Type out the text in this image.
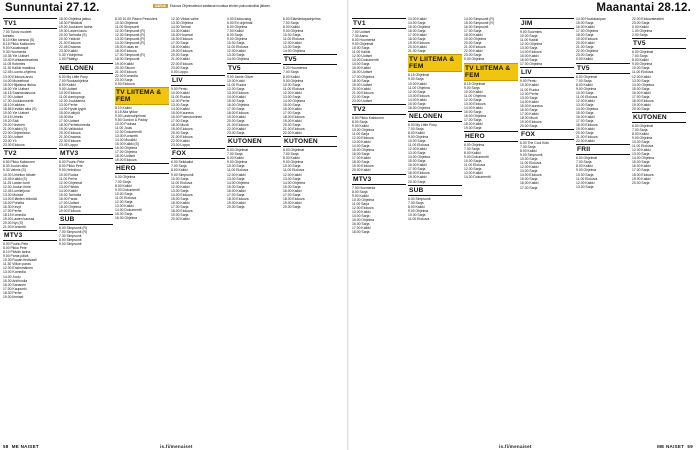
Sunnuntai 27.12.	SARJA Elokuva Ohjelmatiedot saattavat muuttua lehden painovalmiiksi jälkeen.
TV1
7.00 Tulosi nuoleet
kohtalo
8.10 Kitin kanssa (S)
8.15 Pikku Kakkonen
9.00 Kauaisnapit
9.30 Huomenta
10.35 Yle Uutiset
10.40 Kohtaamisvalmis
11.05 Kotimies
11.30 Kaikki maailma
12.45 Luonto-ohjelma
13.00 Elokuva-arvio
14.00 Muistelmat
15.00 Hiljaisina iltoina
16.00 Yle Uutiset
16.15 Saaristolaisuus
17.00 Uutiset
17.30 Joulukonsertti
18.10 Kaikkea
18.55 Kevään aika (S)
19.00 Yle Uutiset
19.15 Urheilu
19.20 Sää
20.00 Hirvinen
21.00 Kaikki (S)
22.00 Ohjelmiston
22.30 Uutiset
23.00 Yö
23.30 Elokuva
TV2
6.50 Pikku Kakkonen
8.30 Joulun aika
9.30 Valmis (S)
10.00 Urheilun tähdet
10.45 Kaikki (S)
11.25 Lasten tunti
12.00 Joulun ihme
12.45 Lumileijona
13.30 Muistot
14.00 Eläinten elämää
15.00 Puhetta
16.30 Kevyt
17.00 Perhe
18.15 Komedia
19.00 Lasten kanssa
20.00 Nyt (S)
21.00 Konsertti
MTV3
6.00 Puuhu Pete
8.00 Pikku Pete
8.10 Päivän tarina
9.00 Paras päivä
10.30 Ruuan festivaali
11.30 Viikon paras
12.00 Ensimmäinen
13.00 Komedia
14.00 Joulu
15.30 Arkihuolia
16.00 Sananen
17.00 Kaupunki
18.30 Perhe
19.00 Ihmiset
18.00 Ohjelma jatkuu
18.30 Päiväkoti
19.00 Jouluinen tarina
19.30 Lasten laulu
20.00 Tarinoita (S)
20.30 Ystävät
21.00 Elokuva
22.45 Draama
23.30 Kaikki
0.30 Yöohjelma
1.00 Päättyy
NELONEN
6.00 My Little Pony
7.00 Ruokaohjelma
8.00 Kaikki
9.00 Uutiset
10.00 Elokuva
11.00 Aamuprogr.
12.00 Joulutarina
13.00 Perhe
14.00 Hyvät tyypit
15.00 Kotityöt
16.00 Ilta
17.00 Uutiset
18.00 Perhekomedia
19.00 Valikoidut
20.00 Elokuva
21.30 Draama
22.30 Elokuva
23.45 Loppu
MTV3
6.00 Puuhu Pete
8.00 Pikku Pete
9.00 Helmikuu
10.00 Ruoka
11.00 Perhe
12.00 Ohjelmat
13.00 Päivän
14.00 Kaikki
15.00 Tarinoita
16.00 Paras
17.00 Uutiset
18.00 Ohjelma
19.00 Elokuva
SUB
6.00 Simpsonit (R)
7.00 Simpsonit (R)
7.30 Simpsonit
8.00 Simpsonit
9.00 Simpsonit
8.00 10.00 Paavo Pesusieni
10.30 Ohjelmat
11.00 Simpsonit
12.00 Simpsonit (R)
12.30 Simpsonit (R)
13.00 Simpsonit (R)
14.00 Simpsonit (R)
15.00 Kukas se
16.00 Elokuva
17.00 Simpsonit (R)
18.00 Simpsonit
19.00 Kaikki
20.00 Sitcom
21.00 Elokuva
22.00 Komedia
23.00 Sarja
0.00 Elokuva
TV LIITEMA & FEM
8.10 Kaikki
8.15 Alla lykkor
9.00 Lastenohjelmat
9.50 Gordon & Paddy
10.00 Puuhaa
11.00 Joulu
12.00 Dokumentti
13.00 Konsertti
14.00 Musiikki
15.00 Kaikki (S)
16.00 Ohjelma
17.00 Ohjelma
18.00 Uutiset
19.00 Elokuva
HERO
6.00 Ohjelma
7.00 Sarja
8.00 Kaikki
9.00 Dokumentti
10.00 Sarja
11.00 Elokuva
12.00 Sarja
13.00 Kaikki
14.00 Dokumentti
15.00 Sarja
16.00 Ohjelma
12.30 Viidas vaihe
13.30 Ohjelma
14.00 Tarinat
14.30 Kaikki
15.30 Huumori
16.00 Elokuva
17.00 Sarja
18.00 Kaikki
19.00 Elokuva
20.00 Sarja
21.00 Kaikki
22.00 Elokuva
23.00 Sarja
0.00 Loppu
LIV
9.00 Pentu
10.00 Kaikki
11.00 Ruoka
12.00 Perhe
13.00 Sarja
14.00 Kaikki
15.00 Kauneus
16.00 Pukeutuminen
17.00 Sarja
18.00 Muoti
19.00 Elokuva
20.00 Sarja
21.00 Elokuva
22.00 Kaikki
23.00 Loppu
FOX
6.00 Seikkailut
7.00 Sarja
8.00 Kaikki
9.00 Simpsonit
10.00 Sarja
11.00 Elokuva
12.00 Kaikki
13.00 Sarja
14.00 Elokuva
15.00 Sarja
16.00 Kaikki
17.00 Sarja
18.00 Elokuva
19.00 Sarja
20.00 Kaikki
4.00 Elokuvalog
5.00 Eri ohjelmat
6.00 Ohjelma
7.00 Kaikki
8.00 Sarja
9.00 Ohjelma
10.00 Sarja
11.00 Elokuva
12.00 Kaikki
13.00 Sarja
14.00 Ohjelma
TV5
9.00 Jamie Oliver
10.00 Kokki
11.00 Ruoka
12.00 Sarja
13.00 Elokuva
14.00 Kaikki
15.00 Sarja
16.00 Ohjelma
17.00 Sarja
18.00 Elokuva
19.00 Kaikki
20.00 Sarja
21.00 Elokuva
22.00 Kaikki
23.00 Sarja
KUTONEN
6.00 Ohjelmat
7.00 Sarja
8.00 Kaikki
9.00 Ohjelma
10.00 Sarja
11.00 Elokuva
12.00 Kaikki
13.00 Sarja
14.00 Ohjelma
15.00 Sarja
16.00 Kaikki
17.00 Sarja
18.00 Elokuva
19.00 Kaikki
20.00 Sarja
6.00 Elämäntapaohjelma
7.00 Sarja
8.00 Kaikki
9.00 Ohjelma
10.00 Sarja
11.00 Elokuva
12.00 Kaikki
13.00 Sarja
14.00 Ohjelma
TV5
6.20 Huomenna
7.00 Sarja
8.00 Kaikki
9.00 Ohjelma
10.00 Sarja
11.00 Elokuva
12.00 Kaikki
13.00 Sarja
14.00 Ohjelma
15.00 Sarja
16.00 Kaikki
17.00 Sarja
18.00 Elokuva
19.00 Kaikki
20.00 Sarja
21.00 Elokuva
22.00 Kaikki
KUTONEN
6.00 Ohjelmat
7.00 Sarja
8.00 Kaikki
9.00 Ohjelma
10.00 Sarja
11.00 Elokuva
12.00 Kaikki
13.00 Sarja
14.00 Ohjelma
15.00 Sarja
16.00 Kaikki
17.00 Sarja
18.00 Elokuva
19.00 Kaikki
20.00 Sarja
58 ME NAISET	is.fi/menaiset
Maanantai 28.12.
TV1
7.00 Uutiset
7.30 Aamu
8.00 Huomenta
9.00 Ohjelmat
10.00 Sarja
11.00 Kaikki
12.00 Uutiset
13.00 Dokumentti
14.00 Sarja
15.00 Kaikki
16.00 Uutiset
17.00 Ohjelma
18.00 Sarja
19.00 Uutiset
20.00 Kaikki
21.00 Elokuva
22.00 Sarja
23.00 Uutiset
TV2
6.50 Pikku Kakkonen
8.00 Sarja
9.00 Kaikki
10.00 Ohjelma
11.00 Sarja
12.00 Elokuva
13.00 Kaikki
14.00 Sarja
15.00 Ohjelma
16.00 Sarja
17.00 Kaikki
18.00 Sarja
19.00 Elokuva
20.00 Kaikki
MTV3
7.00 Huomenta
8.00 Sarja
9.00 Kaikki
10.00 Ohjelma
11.00 Sarja
12.00 Elokuva
13.00 Kaikki
14.00 Sarja
15.00 Ohjelma
16.00 Sarja
17.00 Kaikki
18.00 Sarja
13.00 Kaikki
14.00 Sarja
15.00 Ohjelma
16.00 Sarja
17.00 Kaikki
18.00 Sarja
19.00 Elokuva
20.00 Kaikki
21.00 Sarja
TV LIITEMA & FEM
8.15 Ohjelmat
9.00 Sarja
10.00 Kaikki
11.00 Ohjelma
12.00 Sarja
13.00 Elokuva
14.00 Kaikki
15.00 Sarja
16.00 Ohjelma
NELONEN
6.00 My Little Pony
7.00 Sarja
8.00 Kaikki
9.00 Ohjelma
10.00 Sarja
11.00 Elokuva
12.00 Kaikki
13.00 Sarja
14.00 Ohjelma
15.00 Sarja
16.00 Kaikki
17.00 Sarja
18.00 Elokuva
19.00 Kaikki
20.00 Sarja
SUB
6.00 Simpsonit
7.00 Sarja
8.00 Kaikki
9.00 Ohjelma
10.00 Sarja
11.00 Elokuva
14.00 Simpsonit (R)
15.00 Simpsonit (R)
16.00 Simpsonit
17.00 Sarja
18.00 Kaikki
19.00 Ohjelma
20.00 Sarja
21.00 Elokuva
22.00 Kaikki
23.00 Sarja
0.00 Ohjelma
TV LIITEMA & FEM
8.15 Ohjelmat
9.00 Sarja
10.00 Kaikki
11.00 Ohjelma
12.00 Sarja
13.00 Elokuva
14.00 Kaikki
15.00 Sarja
16.00 Ohjelma
17.00 Sarja
18.00 Kaikki
19.00 Sarja
HERO
6.00 Ohjelma
7.00 Sarja
8.00 Kaikki
9.00 Dokumentti
10.00 Sarja
11.00 Elokuva
12.00 Sarja
13.00 Kaikki
14.00 Dokumentti
JIM
9.00 Suurmies
10.00 Sarja
11.00 Kaikki
12.00 Ohjelma
13.00 Sarja
14.00 Elokuva
15.00 Kaikki
16.00 Sarja
17.00 Ohjelma
LIV
9.00 Pentu
10.00 Kaikki
11.00 Ruoka
12.00 Perhe
13.00 Sarja
14.00 Kaikki
15.00 Kauneus
16.00 Sarja
17.00 Kaikki
18.00 Muoti
19.00 Elokuva
20.00 Sarja
FOX
6.00 The Cool Kids
7.00 Sarja
8.00 Kaikki
9.00 Simpsonit
10.00 Sarja
11.00 Elokuva
12.00 Kaikki
13.00 Sarja
14.00 Elokuva
15.00 Sarja
16.00 Kaikki
17.00 Sarja
14.30 Huutokaupan
15.00 Sarja
16.00 Kaikki
17.00 Ohjelma
18.00 Sarja
19.00 Elokuva
20.00 Kaikki
21.00 Sarja
22.00 Ohjelma
23.00 Sarja
0.00 Kaikki
TV5
6.00 Ohjelmat
7.00 Sarja
8.00 Kaikki
9.00 Ohjelma
10.00 Sarja
11.00 Elokuva
12.00 Kaikki
13.00 Sarja
14.00 Ohjelma
15.00 Sarja
16.00 Kaikki
17.00 Sarja
18.00 Elokuva
19.00 Kaikki
20.00 Sarja
21.00 Elokuva
22.00 Kaikki
FRII
6.00 Ohjelmat
7.00 Sarja
8.00 Kaikki
9.00 Ohjelma
10.00 Sarja
11.00 Elokuva
12.00 Kaikki
13.00 Sarja
22.00 Elokuvateatteri
23.00 Sarja
0.00 Kaikki
1.00 Ohjelma
2.00 Sarja
TV5
6.00 Ohjelmat
7.00 Sarja
8.00 Kaikki
9.00 Ohjelma
10.00 Sarja
11.00 Elokuva
12.00 Kaikki
13.00 Sarja
14.00 Ohjelma
15.00 Sarja
16.00 Kaikki
17.00 Sarja
18.00 Elokuva
19.00 Kaikki
20.00 Sarja
KUTONEN
6.00 Ohjelmat
7.00 Sarja
8.00 Kaikki
9.00 Ohjelma
10.00 Sarja
11.00 Elokuva
12.00 Kaikki
13.00 Sarja
14.00 Ohjelma
15.00 Sarja
16.00 Kaikki
17.00 Sarja
18.00 Elokuva
19.00 Kaikki
20.00 Sarja
is.fi/menaiset	ME NAISET 59
